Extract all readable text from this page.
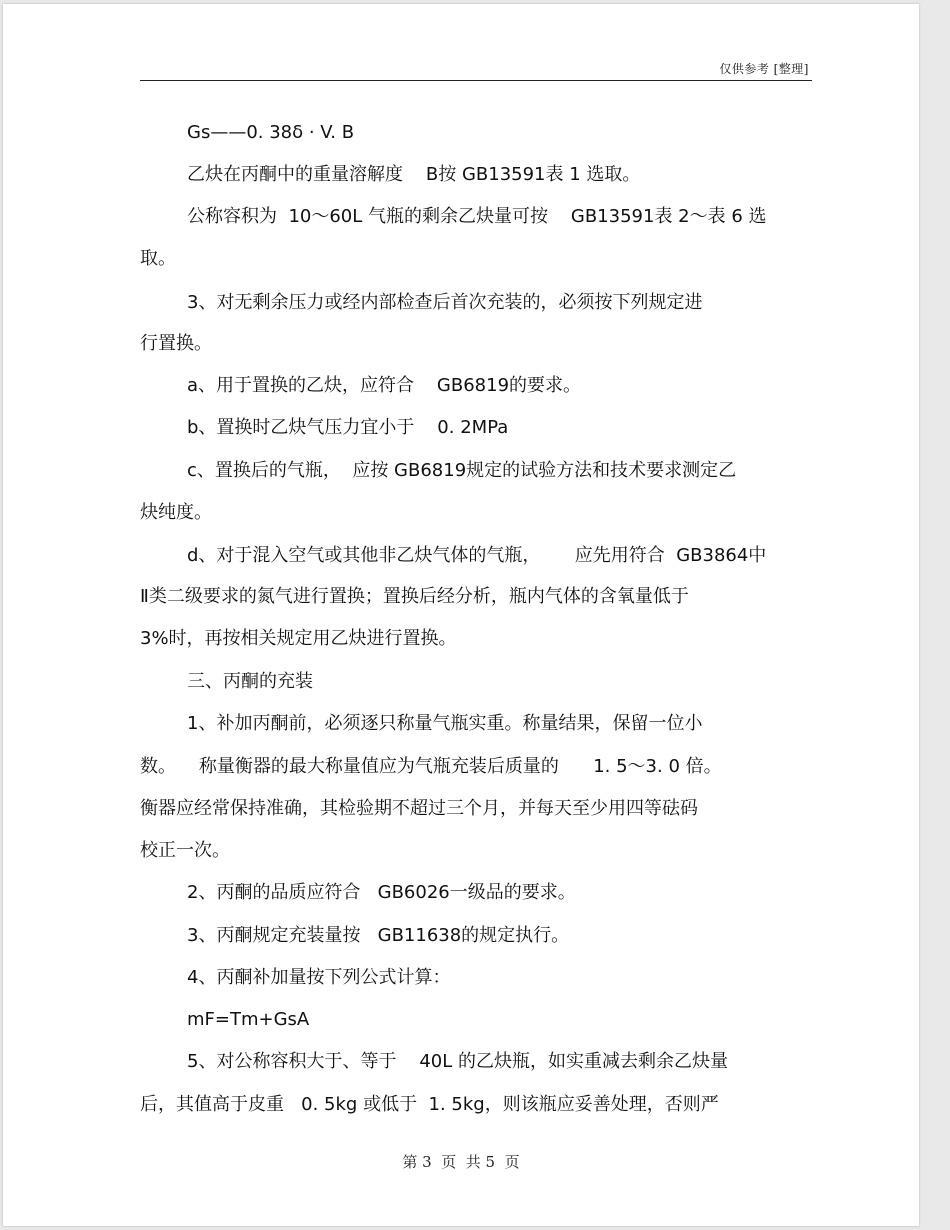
仅供参考 [整理]
Gs——0. 38δ · V. B
乙炔在丙酮中的重量溶解度    B按 GB13591表 1 选取。
公称容积为  10～60L 气瓶的剩余乙炔量可按    GB13591表 2～表 6 选
取。
3、对无剩余压力或经内部检查后首次充装的，必须按下列规定进
行置换。
a、用于置换的乙炔，应符合    GB6819的要求。
b、置换时乙炔气压力宜小于    0. 2MPa
c、置换后的气瓶，  应按 GB6819规定的试验方法和技术要求测定乙
炔纯度。
d、对于混入空气或其他非乙炔气体的气瓶，      应先用符合  GB3864中
Ⅱ类二级要求的氮气进行置换；置换后经分析，瓶内气体的含氧量低于
3%时，再按相关规定用乙炔进行置换。
三、丙酮的充装
1、补加丙酮前，必须逐只称量气瓶实重。称量结果，保留一位小
数。    称量衡器的最大称量值应为气瓶充装后质量的      1. 5～3. 0 倍。
衡器应经常保持准确，其检验期不超过三个月，并每天至少用四等砝码
校正一次。
2、丙酮的品质应符合   GB6026一级品的要求。
3、丙酮规定充装量按   GB11638的规定执行。
4、丙酮补加量按下列公式计算：
mF=Tm+GsA
5、对公称容积大于、等于    40L 的乙炔瓶，如实重减去剩余乙炔量
后，其值高于皮重   0. 5kg 或低于  1. 5kg，则该瓶应妥善处理，否则严
第 3  页  共 5  页
